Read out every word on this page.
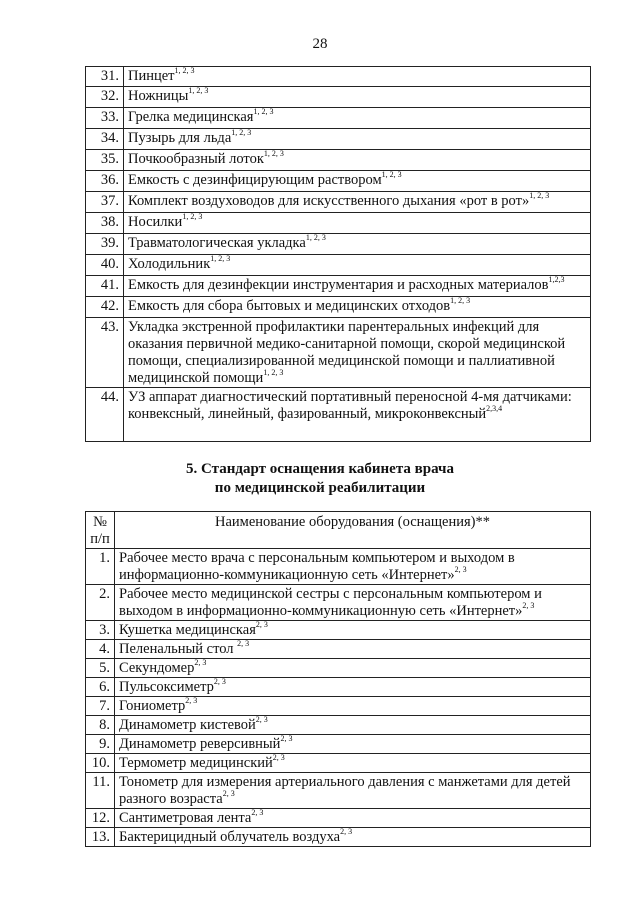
28
31.	Пинцет$^{1, 2, 3}$
32.	Ножницы$^{1, 2, 3}$
33.	Грелка медицинская$^{1, 2, 3}$
34.	Пузырь для льда$^{1, 2, 3}$
35.	Почкообразный лоток$^{1, 2, 3}$
36.	Емкость с дезинфицирующим раствором$^{1, 2, 3}$
37.	Комплект воздуховодов для искусственного дыхания «рот в рот»$^{1, 2, 3}$
38.	Носилки$^{1, 2, 3}$
39.	Травматологическая укладка$^{1, 2, 3}$
40.	Холодильник$^{1, 2, 3}$
41.	Емкость для дезинфекции инструментария и расходных материалов$^{1,2,3}$
42.	Емкость для сбора бытовых и медицинских отходов$^{1, 2, 3}$
43.	Укладка экстренной профилактики парентеральных инфекций для оказания первичной медико-санитарной помощи, скорой медицинской помощи, специализированной медицинской помощи и паллиативной медицинской помощи$^{1, 2, 3}$
44.	УЗ аппарат диагностический портативный переносной 4-мя датчиками: конвексный, линейный, фазированный, микроконвексный$^{2,3,4}$
5. Стандарт оснащения кабинета врача
по медицинской реабилитации
№
п/п	Наименование оборудования (оснащения)**
1.	Рабочее место врача с персональным компьютером и выходом в информационно-коммуникационную сеть «Интернет»$^{2, 3}$
2.	Рабочее место медицинской сестры с персональным компьютером и выходом в информационно-коммуникационную сеть «Интернет»$^{2, 3}$
3.	Кушетка медицинская$^{2, 3}$
4.	Пеленальный стол $^{2, 3}$
5.	Секундомер$^{2, 3}$
6.	Пульсоксиметр$^{2, 3}$
7.	Гониометр$^{2, 3}$
8.	Динамометр кистевой$^{2, 3}$
9.	Динамометр реверсивный$^{2, 3}$
10.	Термометр медицинский$^{2, 3}$
11.	Тонометр для измерения артериального давления с манжетами для детей разного возраста$^{2, 3}$
12.	Сантиметровая лента$^{2, 3}$
13.	Бактерицидный облучатель воздуха$^{2, 3}$
